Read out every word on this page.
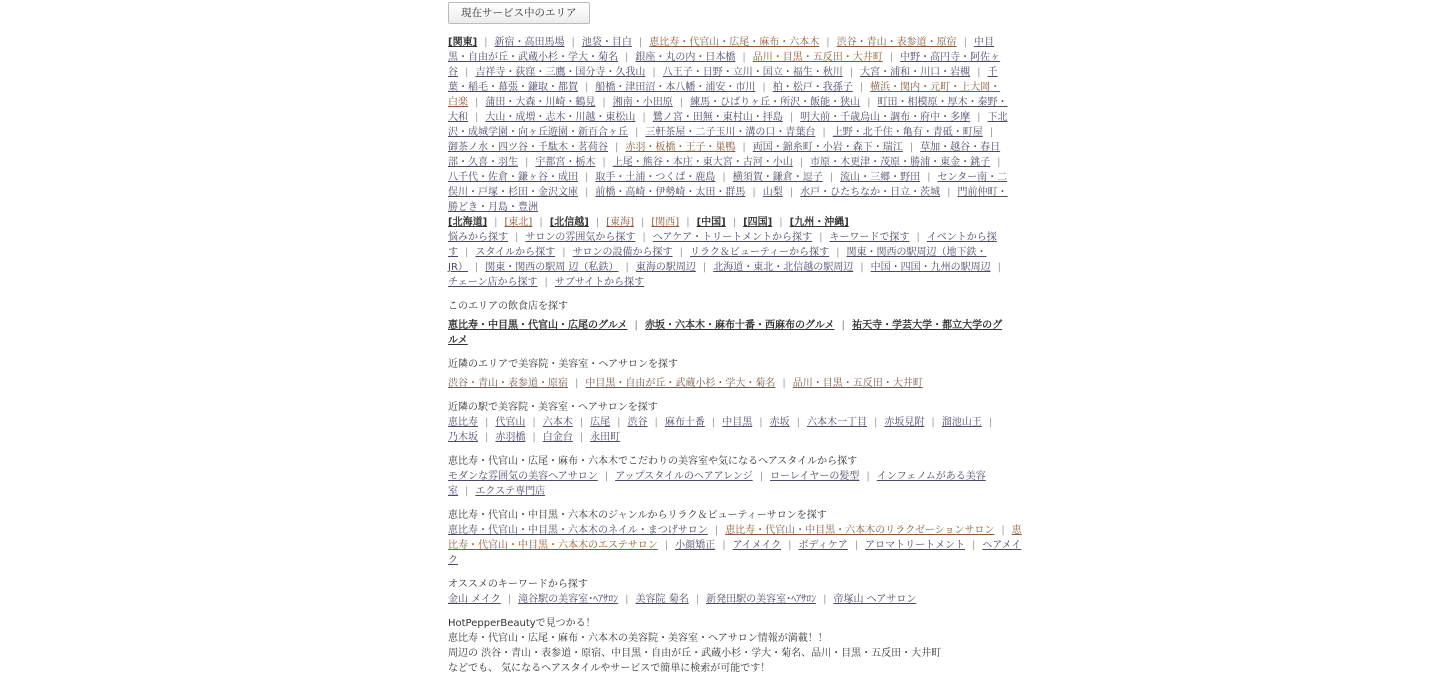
現在サービス中のエリア
[関東] | 新宿・高田馬場 | 池袋・目白 | 恵比寿・代官山・広尾・麻布・六本木 | 渋谷・青山・表参道・原宿 | 中目黒・自由が丘・武蔵小杉・学大・菊名 | 銀座・丸の内・日本橋 | 品川・目黒・五反田・大井町 | 中野・高円寺・阿佐ヶ谷 | 吉祥寺・荻窪・三鷹・国分寺・久我山 | 八王子・日野・立川・国立・福生・秋川 | 大宮・浦和・川口・岩槻 | 千葉・稲毛・幕張・鎌取・都賀 | 船橋・津田沼・本八幡・浦安・市川 | 柏・松戸・我孫子 | 横浜・関内・元町・上大岡・白楽 | 蒲田・大森・川崎・鶴見 | 湘南・小田原 | 練馬・ひばりヶ丘・所沢・飯能・狭山 | 町田・相模原・厚木・秦野・大和 | 大山・成増・志木・川越・東松山 | 鷺ノ宮・田無・東村山・拝島 | 明大前・千歳烏山・調布・府中・多摩 | 下北沢・成城学園・向ヶ丘遊園・新百合ヶ丘 | 三軒茶屋・二子玉川・溝の口・青葉台 | 上野・北千住・亀有・青砥・町屋 |御茶ノ水・四ツ谷・千駄木・茗荷谷 | 赤羽・板橋・王子・巣鴨 | 両国・錦糸町・小岩・森下・瑞江 | 草加・越谷・春日部・久喜・羽生 | 宇都宮・栃木 | 上尾・熊谷・本庄・東大宮・古河・小山 | 市原・木更津・茂原・勝浦・東金・銚子 |八千代・佐倉・鎌ヶ谷・成田 | 取手・土浦・つくば・鹿島 | 横須賀・鎌倉・逗子 | 流山・三郷・野田 | センター南・二俣川・戸塚・杉田・金沢文庫 | 前橋・高崎・伊勢崎・太田・群馬 | 山梨 | 水戸・ひたちなか・日立・茨城 | 門前仲町・勝どき・月島・豊洲
[北海道] | [東北] | [北信越] | [東海] | [関西] | [中国] | [四国] | [九州・沖縄]
悩みから探す | サロンの雰囲気から探す | ヘアケア・トリートメントから探す | キーワードで探す | イベントから探す | スタイルから探す | サロンの設備から探す | リラク＆ビューティーから探す | 関東・関西の駅周辺（地下鉄・JR） | 関東・関西の駅周 辺（私鉄） | 東海の駅周辺 | 北海道・東北・北信越の駅周辺 | 中国・四国・九州の駅周辺 |チェーン店から探す | サブサイトから探す
このエリアの飲食店を探す
恵比寿・中目黒・代官山・広尾のグルメ | 赤坂・六本木・麻布十番・西麻布のグルメ | 祐天寺・学芸大学・都立大学のグルメ
近隣のエリアで美容院・美容室・ヘアサロンを探す
渋谷・青山・表参道・原宿 | 中目黒・自由が丘・武蔵小杉・学大・菊名 | 品川・目黒・五反田・大井町
近隣の駅で美容院・美容室・ヘアサロンを探す
恵比寿 | 代官山 | 六本木 | 広尾 | 渋谷 | 麻布十番 | 中目黒 | 赤坂 | 六本木一丁目 | 赤坂見附 | 溜池山王 |乃木坂 | 赤羽橋 | 白金台 | 永田町
恵比寿・代官山・広尾・麻布・六本木でこだわりの美容室や気になるヘアスタイルから探す
モダンな雰囲気の美容ヘアサロン | アップスタイルのヘアアレンジ | ローレイヤーの髪型 | インフェノムがある美容室 | エクステ専門店
恵比寿・代官山・中目黒・六本木のジャンルからリラク＆ビューティーサロンを探す
恵比寿・代官山・中目黒・六本木のネイル・まつげサロン | 恵比寿・代官山・中目黒・六本木のリラクゼーションサロン | 恵比寿・代官山・中目黒・六本木のエステサロン | 小顔矯正 | アイメイク | ボディケア | アロマトリートメント | ヘアメイク
オススメのキーワードから探す
金山 メイク | 滝谷駅の美容室･ﾍｱｻﾛﾝ | 美容院 菊名 | 新発田駅の美容室･ﾍｱｻﾛﾝ | 帝塚山 ヘアサロン
HotPepperBeautyで見つかる！
恵比寿・代官山・広尾・麻布・六本木の美容院・美容室・ヘアサロン情報が満載！！
周辺の 渋谷・青山・表参道・原宿、中目黒・自由が丘・武蔵小杉・学大・菊名、品川・目黒・五反田・大井町
などでも、 気になるヘアスタイルやサービスで簡単に検索が可能です！
